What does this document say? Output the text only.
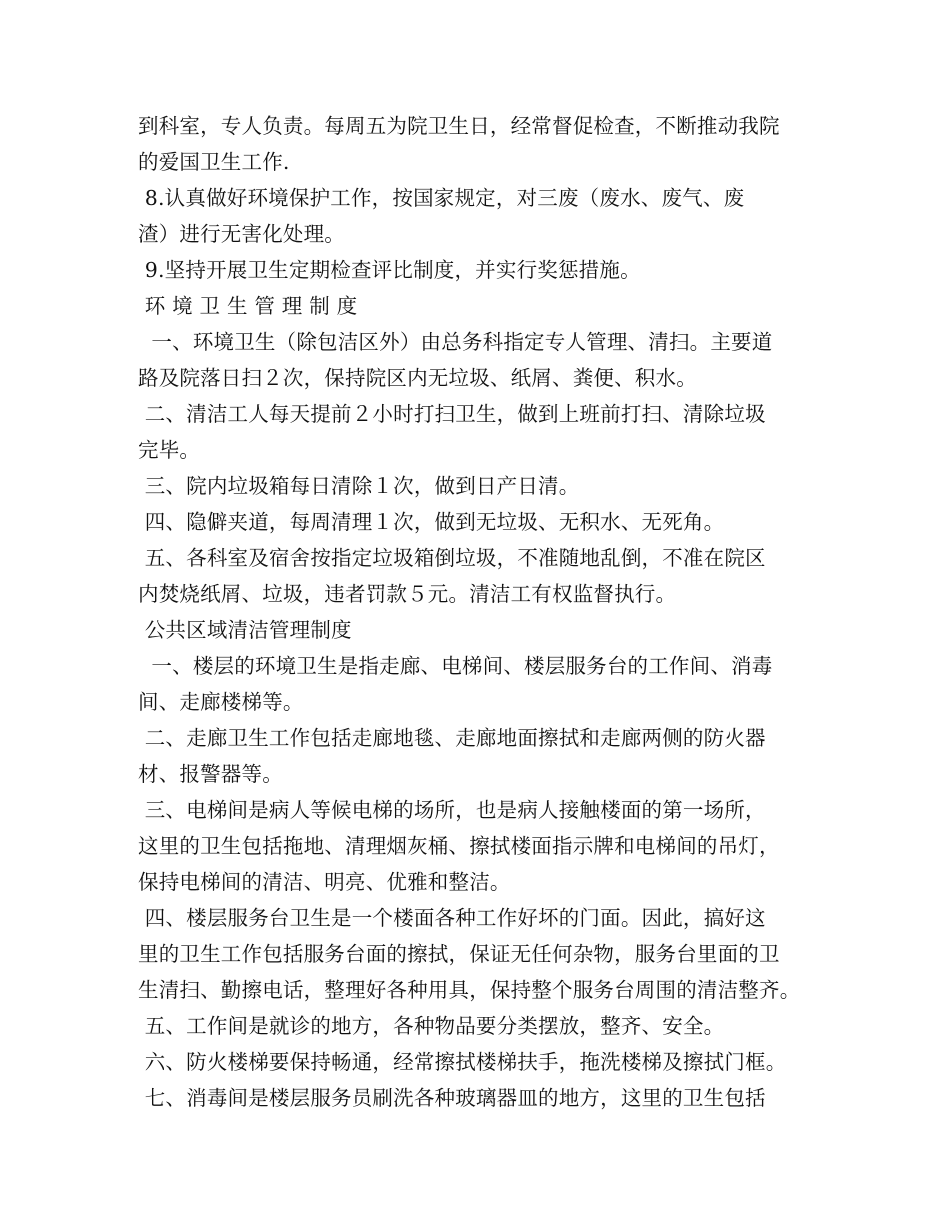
到科室，专人负责。每周五为院卫生日，经常督促检查，不断推动我院
的爱国卫生工作.
8.认真做好环境保护工作，按国家规定，对三废（废水、废气、废
渣）进行无害化处理。
9.坚持开展卫生定期检查评比制度，并实行奖惩措施。
环 境 卫 生 管 理 制 度
一、环境卫生（除包洁区外）由总务科指定专人管理、清扫。主要道
路及院落日扫２次，保持院区内无垃圾、纸屑、粪便、积水。
二、清洁工人每天提前２小时打扫卫生，做到上班前打扫、清除垃圾
完毕。
三、院内垃圾箱每日清除１次，做到日产日清。
四、隐僻夹道，每周清理１次，做到无垃圾、无积水、无死角。
五、各科室及宿舍按指定垃圾箱倒垃圾，不准随地乱倒，不准在院区
内焚烧纸屑、垃圾，违者罚款５元。清洁工有权监督执行。
公共区域清洁管理制度
一、楼层的环境卫生是指走廊、电梯间、楼层服务台的工作间、消毒
间、走廊楼梯等。
二、走廊卫生工作包括走廊地毯、走廊地面擦拭和走廊两侧的防火器
材、报警器等。
三、电梯间是病人等候电梯的场所，也是病人接触楼面的第一场所，
这里的卫生包括拖地、清理烟灰桶、擦拭楼面指示牌和电梯间的吊灯，
保持电梯间的清洁、明亮、优雅和整洁。
四、楼层服务台卫生是一个楼面各种工作好坏的门面。因此，搞好这
里的卫生工作包括服务台面的擦拭，保证无任何杂物，服务台里面的卫
生清扫、勤擦电话，整理好各种用具，保持整个服务台周围的清洁整齐。
五、工作间是就诊的地方，各种物品要分类摆放，整齐、安全。
六、防火楼梯要保持畅通，经常擦拭楼梯扶手，拖洗楼梯及擦拭门框。
七、消毒间是楼层服务员刷洗各种玻璃器皿的地方，这里的卫生包括
